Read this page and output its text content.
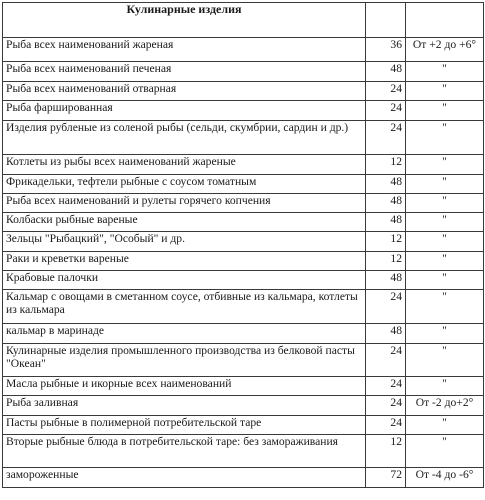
Кулинарные изделия		
Рыба всех наименований жареная	36	От +2 до +6°
Рыба всех наименований печеная	48	"
Рыба всех наименований отварная	24	"
Рыба фаршированная	24	"
Изделия рубленые из соленой рыбы (сельди, скумбрии, сардин и др.)	24	"
Котлеты из рыбы всех наименований жареные	12	"
Фрикадельки, тефтели рыбные с соусом томатным	48	"
Рыба всех наименований и рулеты горячего копчения	48	"
Колбаски рыбные вареные	48	"
Зельцы "Рыбацкий", "Особый" и др.	12	"
Раки и креветки вареные	12	"
Крабовые палочки	48	"
Кальмар с овощами в сметанном соусе, отбивные из кальмара, котлеты из кальмара	24	"
кальмар в маринаде	48	"
Кулинарные изделия промышленного производства из белковой пасты "Океан"	24	"
Масла рыбные и икорные всех наименований	24	"
Рыба заливная	24	От -2 до+2°
Пасты рыбные в полимерной потребительской таре	24	"
Вторые рыбные блюда в потребительской таре: без замораживания	12	"
замороженные	72	От -4 до -6°
